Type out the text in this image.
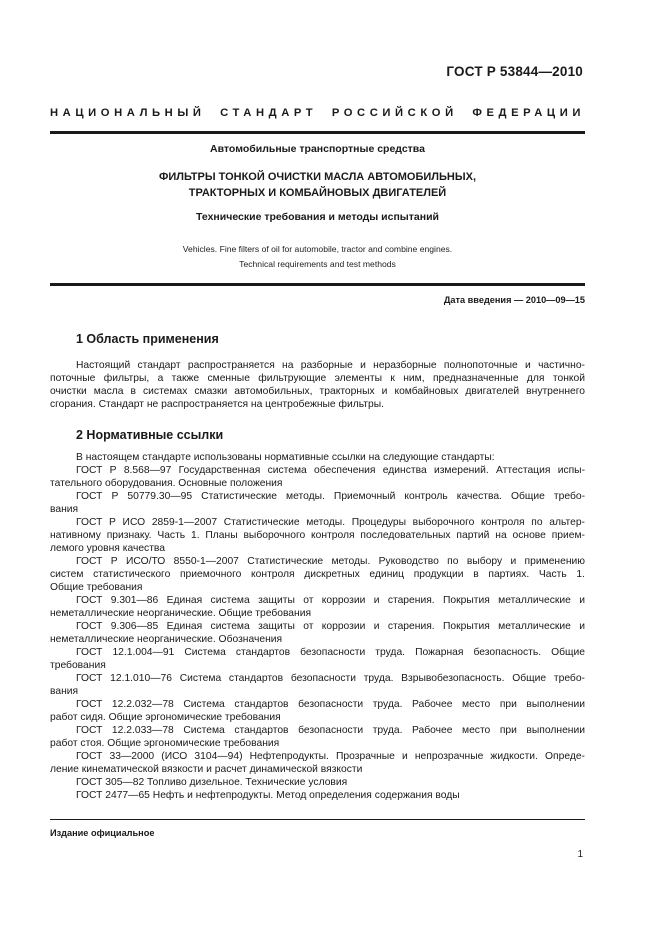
ГОСТ Р 53844—2010
НАЦИОНАЛЬНЫЙ СТАНДАРТ РОССИЙСКОЙ ФЕДЕРАЦИИ
Автомобильные транспортные средства
ФИЛЬТРЫ ТОНКОЙ ОЧИСТКИ МАСЛА АВТОМОБИЛЬНЫХ,
ТРАКТОРНЫХ И КОМБАЙНОВЫХ ДВИГАТЕЛЕЙ
Технические требования и методы испытаний
Vehicles. Fine filters of oil for automobile, tractor and combine engines.
Technical requirements and test methods
Дата введения — 2010—09—15
1 Область применения
Настоящий стандарт распространяется на разборные и неразборные полнопоточные и частично-
поточные фильтры, а также сменные фильтрующие элементы к ним, предназначенные для тонкой
очистки масла в системах смазки автомобильных, тракторных и комбайновых двигателей внутреннего
сгорания. Стандарт не распространяется на центробежные фильтры.
2 Нормативные ссылки
В настоящем стандарте использованы нормативные ссылки на следующие стандарты:
ГОСТ Р 8.568—97 Государственная система обеспечения единства измерений. Аттестация испы-
тательного оборудования. Основные положения
ГОСТ Р 50779.30—95 Статистические методы. Приемочный контроль качества. Общие требо-
вания
ГОСТ Р ИСО 2859-1—2007 Статистические методы. Процедуры выборочного контроля по альтер-
нативному признаку. Часть 1. Планы выборочного контроля последовательных партий на основе прием-
лемого уровня качества
ГОСТ Р ИСО/ТО 8550-1—2007 Статистические методы. Руководство по выбору и применению
систем статистического приемочного контроля дискретных единиц продукции в партиях. Часть 1.
Общие требования
ГОСТ 9.301—86 Единая система защиты от коррозии и старения. Покрытия металлические и
неметаллические неорганические. Общие требования
ГОСТ 9.306—85 Единая система защиты от коррозии и старения. Покрытия металлические и
неметаллические неорганические. Обозначения
ГОСТ 12.1.004—91 Система стандартов безопасности труда. Пожарная безопасность. Общие
требования
ГОСТ 12.1.010—76 Система стандартов безопасности труда. Взрывобезопасность. Общие требо-
вания
ГОСТ 12.2.032—78 Система стандартов безопасности труда. Рабочее место при выполнении
работ сидя. Общие эргономические требования
ГОСТ 12.2.033—78 Система стандартов безопасности труда. Рабочее место при выполнении
работ стоя. Общие эргономические требования
ГОСТ 33—2000 (ИСО 3104—94) Нефтепродукты. Прозрачные и непрозрачные жидкости. Опреде-
ление кинематической вязкости и расчет динамической вязкости
ГОСТ 305—82 Топливо дизельное. Технические условия
ГОСТ 2477—65 Нефть и нефтепродукты. Метод определения содержания воды
Издание официальное
1
